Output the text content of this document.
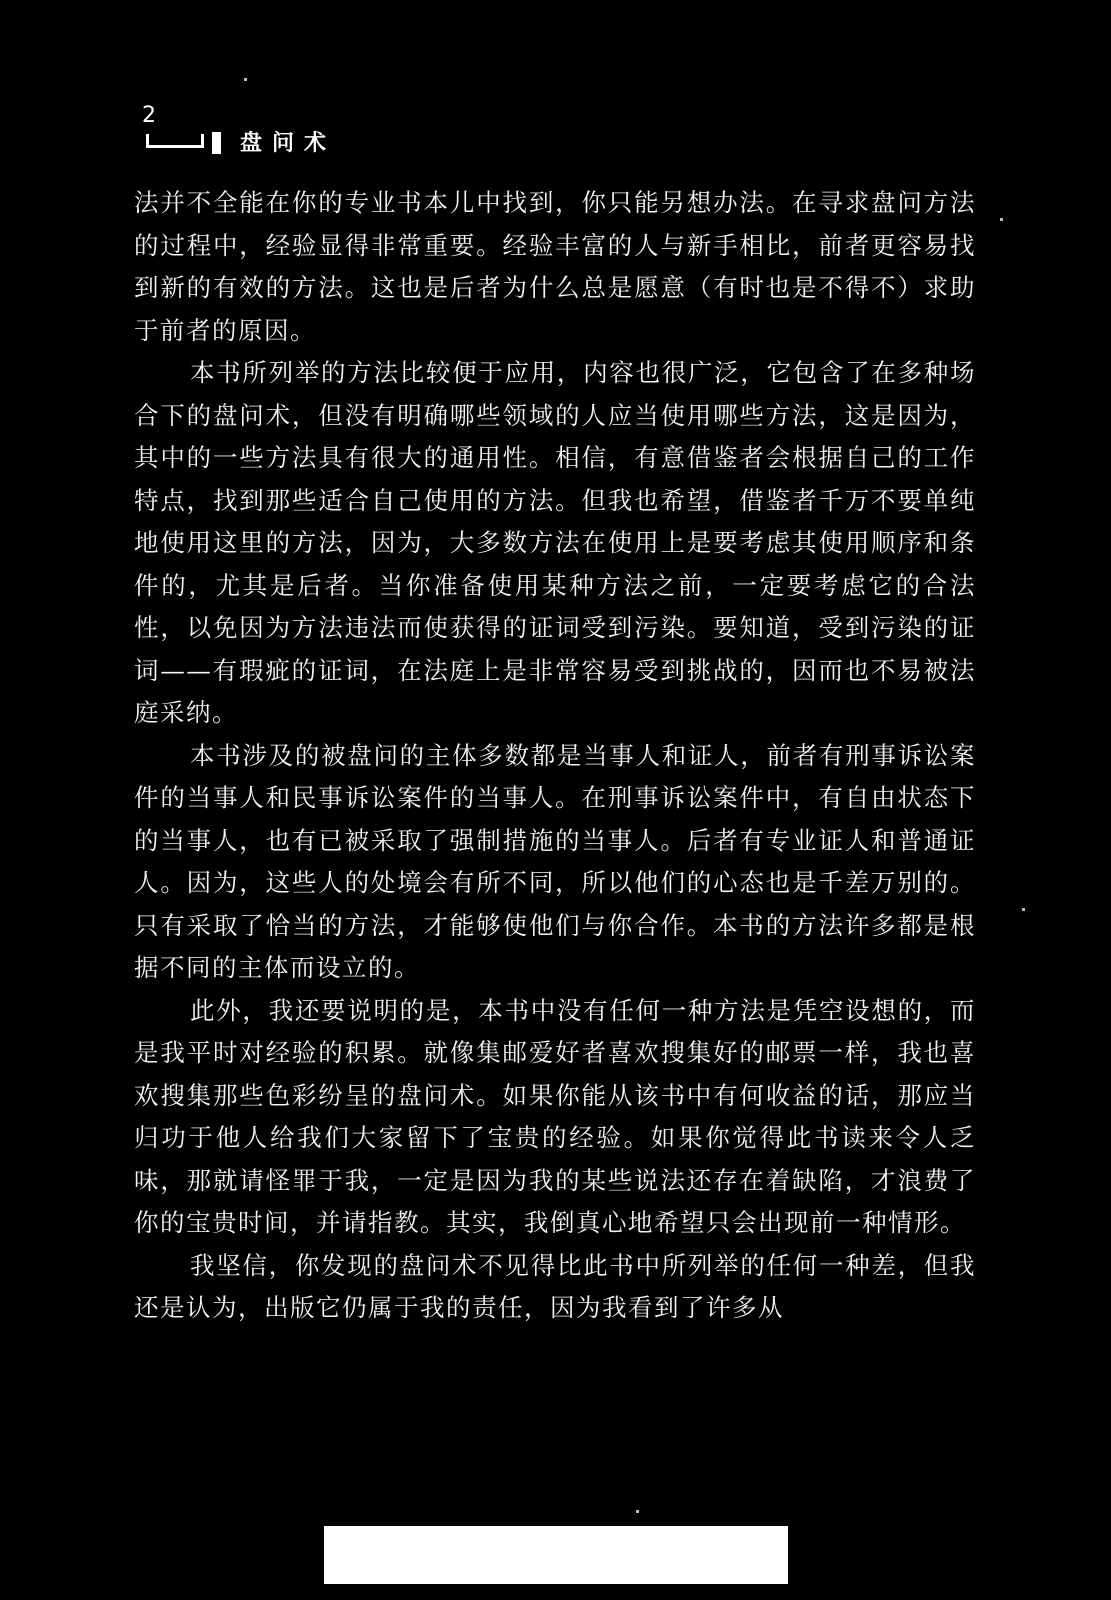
2
盘问术

法并不全能在你的专业书本儿中找到，你只能另想办法。在寻求盘问方法的过程中，经验显得非常重要。经验丰富的人与新手相比，前者更容易找到新的有效的方法。这也是后者为什么总是愿意（有时也是不得不）求助于前者的原因。

本书所列举的方法比较便于应用，内容也很广泛，它包含了在多种场合下的盘问术，但没有明确哪些领域的人应当使用哪些方法，这是因为，其中的一些方法具有很大的通用性。相信，有意借鉴者会根据自己的工作特点，找到那些适合自己使用的方法。但我也希望，借鉴者千万不要单纯地使用这里的方法，因为，大多数方法在使用上是要考虑其使用顺序和条件的，尤其是后者。当你准备使用某种方法之前，一定要考虑它的合法性，以免因为方法违法而使获得的证词受到污染。要知道，受到污染的证词——有瑕疵的证词，在法庭上是非常容易受到挑战的，因而也不易被法庭采纳。

本书涉及的被盘问的主体多数都是当事人和证人，前者有刑事诉讼案件的当事人和民事诉讼案件的当事人。在刑事诉讼案件中，有自由状态下的当事人，也有已被采取了强制措施的当事人。后者有专业证人和普通证人。因为，这些人的处境会有所不同，所以他们的心态也是千差万别的。只有采取了恰当的方法，才能够使他们与你合作。本书的方法许多都是根据不同的主体而设立的。

此外，我还要说明的是，本书中没有任何一种方法是凭空设想的，而是我平时对经验的积累。就像集邮爱好者喜欢搜集好的邮票一样，我也喜欢搜集那些色彩纷呈的盘问术。如果你能从该书中有何收益的话，那应当归功于他人给我们大家留下了宝贵的经验。如果你觉得此书读来令人乏味，那就请怪罪于我，一定是因为我的某些说法还存在着缺陷，才浪费了你的宝贵时间，并请指教。其实，我倒真心地希望只会出现前一种情形。

我坚信，你发现的盘问术不见得比此书中所列举的任何一种差，但我还是认为，出版它仍属于我的责任，因为我看到了许多从
